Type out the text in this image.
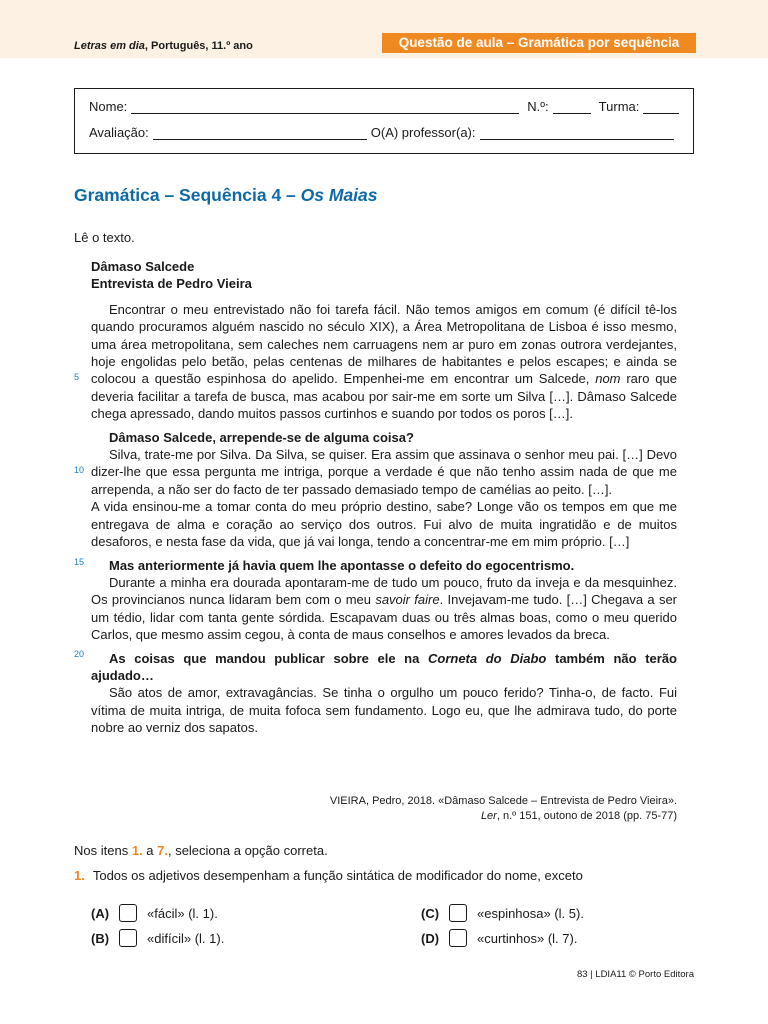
Letras em dia, Português, 11.º ano	Questão de aula – Gramática por sequência
Nome:	N.º:	Turma:
Avaliação:	O(A) professor(a):
Gramática – Sequência 4 – Os Maias
Lê o texto.
Dâmaso Salcede
Entrevista de Pedro Vieira
Encontrar o meu entrevistado não foi tarefa fácil. Não temos amigos em comum (é difícil tê-los quando procuramos alguém nascido no século XIX), a Área Metropolitana de Lisboa é isso mesmo, uma área metropolitana, sem caleches nem carruagens nem ar puro em zonas outrora verdejantes, hoje engolidas pelo betão, pelas centenas de milhares de habitantes e pelos escapes; e ainda se colocou a questão espinhosa do apelido. Empenhei-me em encontrar um Salcede, nom raro que deveria facilitar a tarefa de busca, mas acabou por sair-me em sorte um Silva […]. Dâmaso Salcede chega apressado, dando muitos passos curtinhos e suando por todos os poros […].
Dâmaso Salcede, arrepende-se de alguma coisa?
Silva, trate-me por Silva. Da Silva, se quiser. Era assim que assinava o senhor meu pai. […] Devo dizer-lhe que essa pergunta me intriga, porque a verdade é que não tenho assim nada de que me arrependa, a não ser do facto de ter passado demasiado tempo de camélias ao peito. […].
A vida ensinou-me a tomar conta do meu próprio destino, sabe? Longe vão os tempos em que me entregava de alma e coração ao serviço dos outros. Fui alvo de muita ingratidão e de muitos desaforos, e nesta fase da vida, que já vai longa, tendo a concentrar-me em mim próprio. […]
Mas anteriormente já havia quem lhe apontasse o defeito do egocentrismo.
Durante a minha era dourada apontaram-me de tudo um pouco, fruto da inveja e da mesquinhez. Os provincianos nunca lidaram bem com o meu savoir faire. Invejavam-me tudo. […] Chegava a ser um tédio, lidar com tanta gente sórdida. Escapavam duas ou três almas boas, como o meu querido Carlos, que mesmo assim cegou, à conta de maus conselhos e amores levados da breca.
As coisas que mandou publicar sobre ele na Corneta do Diabo também não terão ajudado…
São atos de amor, extravagâncias. Se tinha o orgulho um pouco ferido? Tinha-o, de facto. Fui vítima de muita intriga, de muita fofoca sem fundamento. Logo eu, que lhe admirava tudo, do porte nobre ao verniz dos sapatos.
5
10
15
20
VIEIRA, Pedro, 2018. «Dâmaso Salcede – Entrevista de Pedro Vieira».
Ler, n.º 151, outono de 2018 (pp. 75-77)
Nos itens 1. a 7., seleciona a opção correta.
1. Todos os adjetivos desempenham a função sintática de modificador do nome, exceto
(A)	«fácil» (l. 1).
(B)	«difícil» (l. 1).
(C)	«espinhosa» (l. 5).
(D)	«curtinhos» (l. 7).
83 | LDIA11 © Porto Editora
